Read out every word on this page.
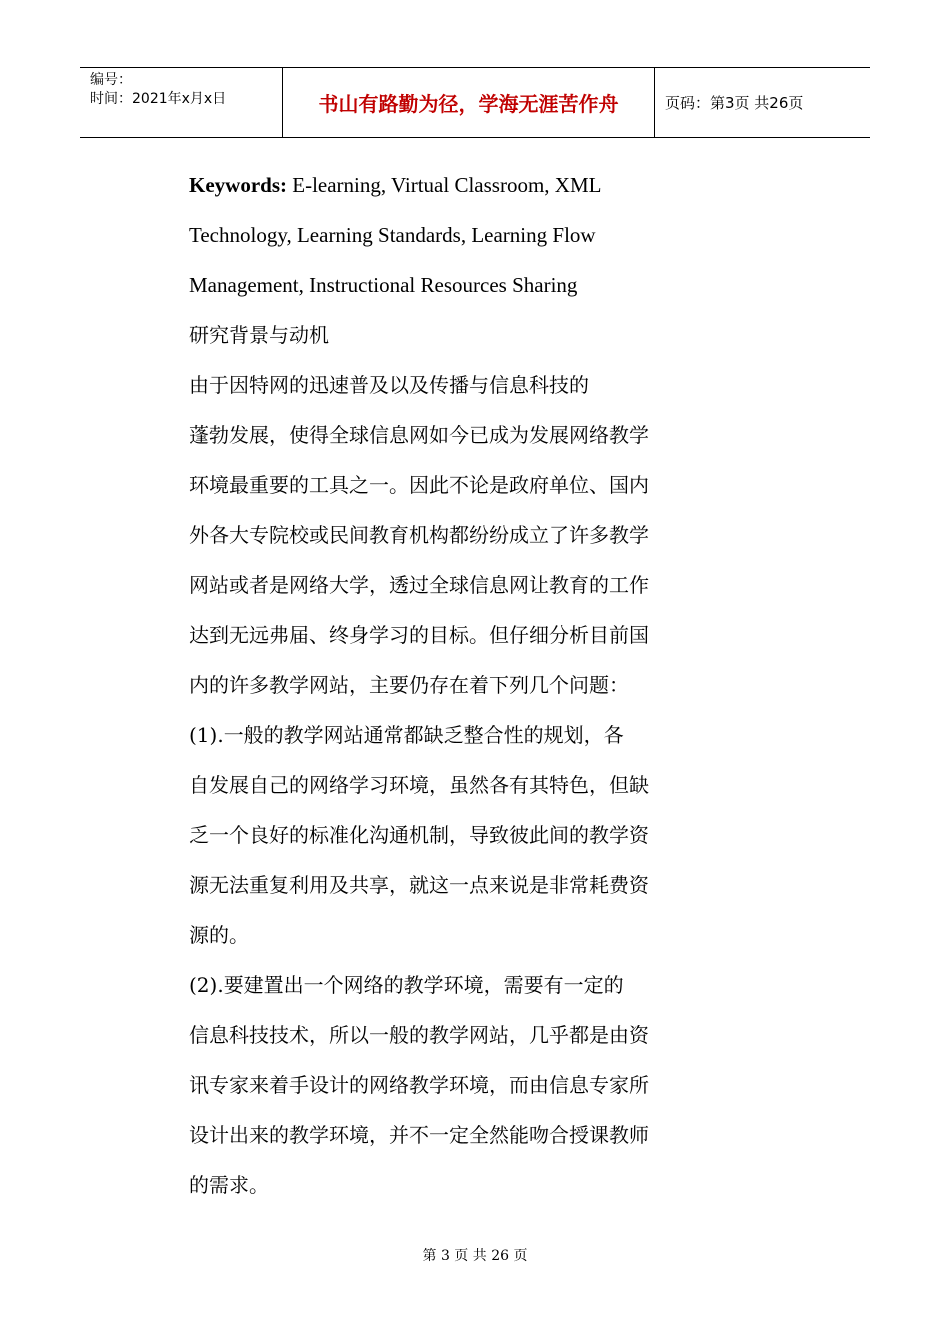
编号：
时间：2021年x月x日	书山有路勤为径，学海无涯苦作舟	页码：第3页 共26页
Keywords: E-learning, Virtual Classroom, XML
Technology, Learning Standards, Learning Flow
Management, Instructional Resources Sharing
研究背景与动机
由于因特网的迅速普及以及传播与信息科技的
蓬勃发展，使得全球信息网如今已成为发展网络教学
环境最重要的工具之一。因此不论是政府单位、国内
外各大专院校或民间教育机构都纷纷成立了许多教学
网站或者是网络大学，透过全球信息网让教育的工作
达到无远弗届、终身学习的目标。但仔细分析目前国
内的许多教学网站，主要仍存在着下列几个问题：
(1).一般的教学网站通常都缺乏整合性的规划，各
自发展自己的网络学习环境，虽然各有其特色，但缺
乏一个良好的标准化沟通机制，导致彼此间的教学资
源无法重复利用及共享，就这一点来说是非常耗费资
源的。
(2).要建置出一个网络的教学环境，需要有一定的
信息科技技术，所以一般的教学网站，几乎都是由资
讯专家来着手设计的网络教学环境，而由信息专家所
设计出来的教学环境，并不一定全然能吻合授课教师
的需求。
第 3 页 共 26 页
